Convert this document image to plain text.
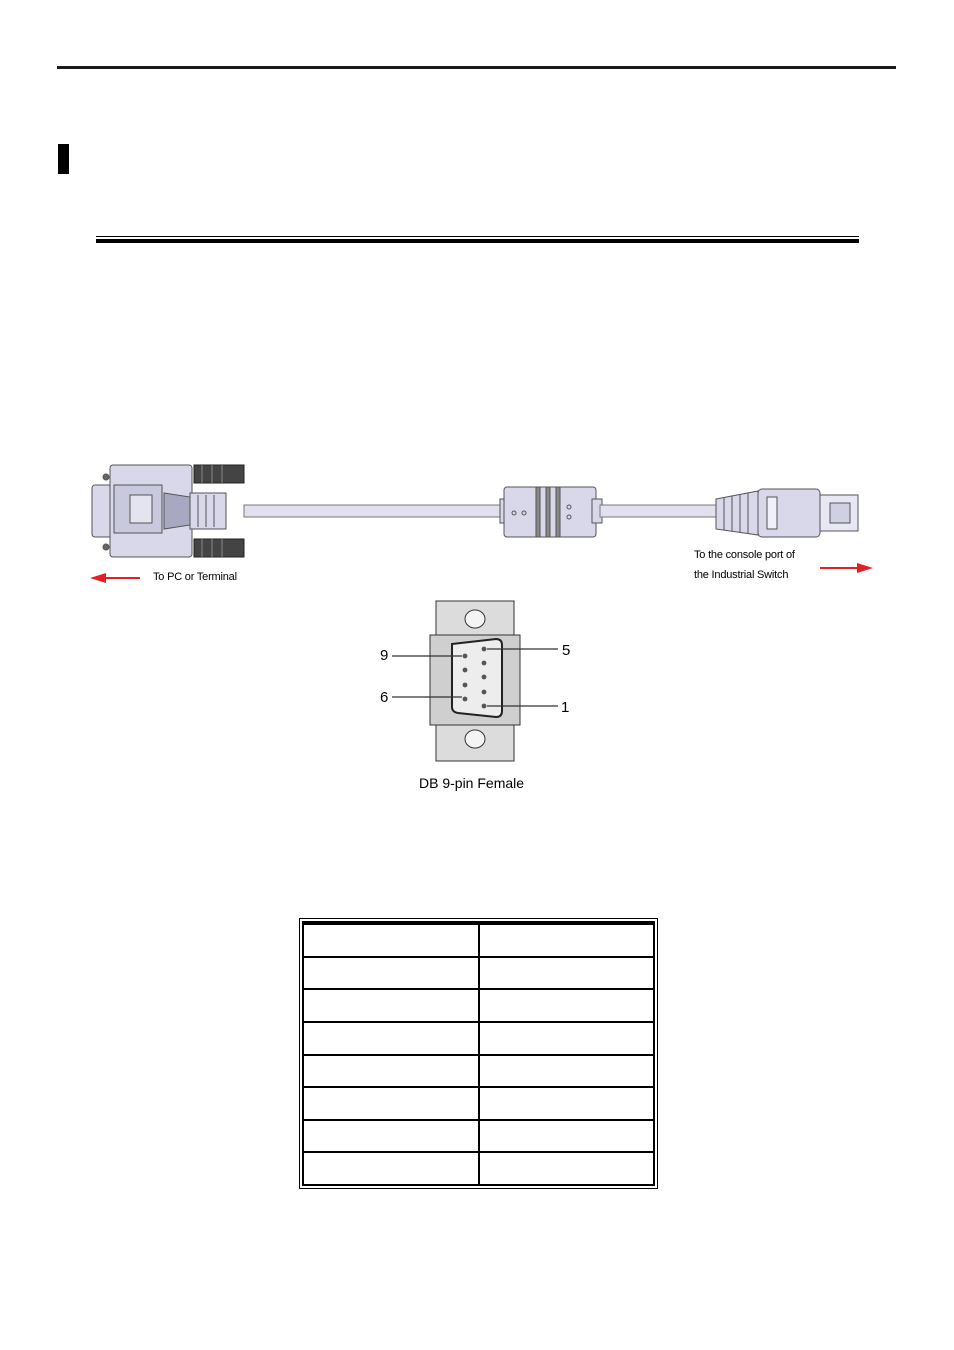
To PC or Terminal
To the console port of
the Industrial Switch
9	5
6
1
DB 9-pin Female
